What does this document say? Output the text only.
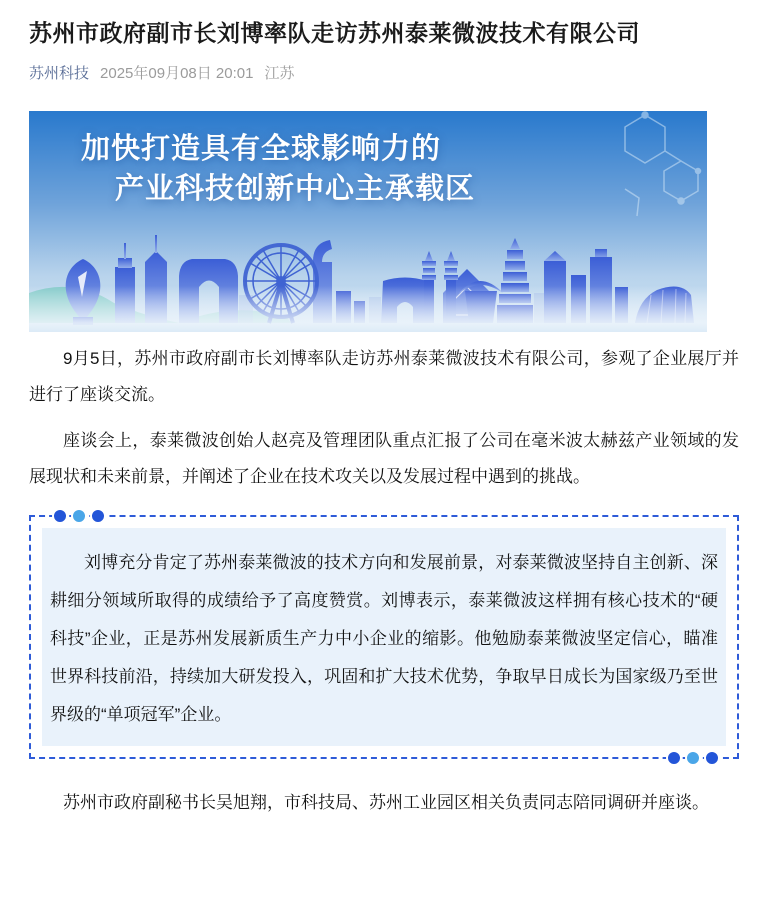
苏州市政府副市长刘博率队走访苏州泰莱微波技术有限公司
苏州科技 2025年09月08日 20:01 江苏
加快打造具有全球影响力的
产业科技创新中心主承载区

9月5日，苏州市政府副市长刘博率队走访苏州泰莱微波技术有限公司，参观了企业展厅并进行了座谈交流。

座谈会上，泰莱微波创始人赵亮及管理团队重点汇报了公司在毫米波太赫兹产业领域的发展现状和未来前景，并阐述了企业在技术攻关以及发展过程中遇到的挑战。

刘博充分肯定了苏州泰莱微波的技术方向和发展前景，对泰莱微波坚持自主创新、深耕细分领域所取得的成绩给予了高度赞赏。刘博表示，泰莱微波这样拥有核心技术的“硬科技”企业，正是苏州发展新质生产力中小企业的缩影。他勉励泰莱微波坚定信心，瞄准世界科技前沿，持续加大研发投入，巩固和扩大技术优势，争取早日成长为国家级乃至世界级的“单项冠军”企业。

苏州市政府副秘书长吴旭翔，市科技局、苏州工业园区相关负责同志陪同调研并座谈。
